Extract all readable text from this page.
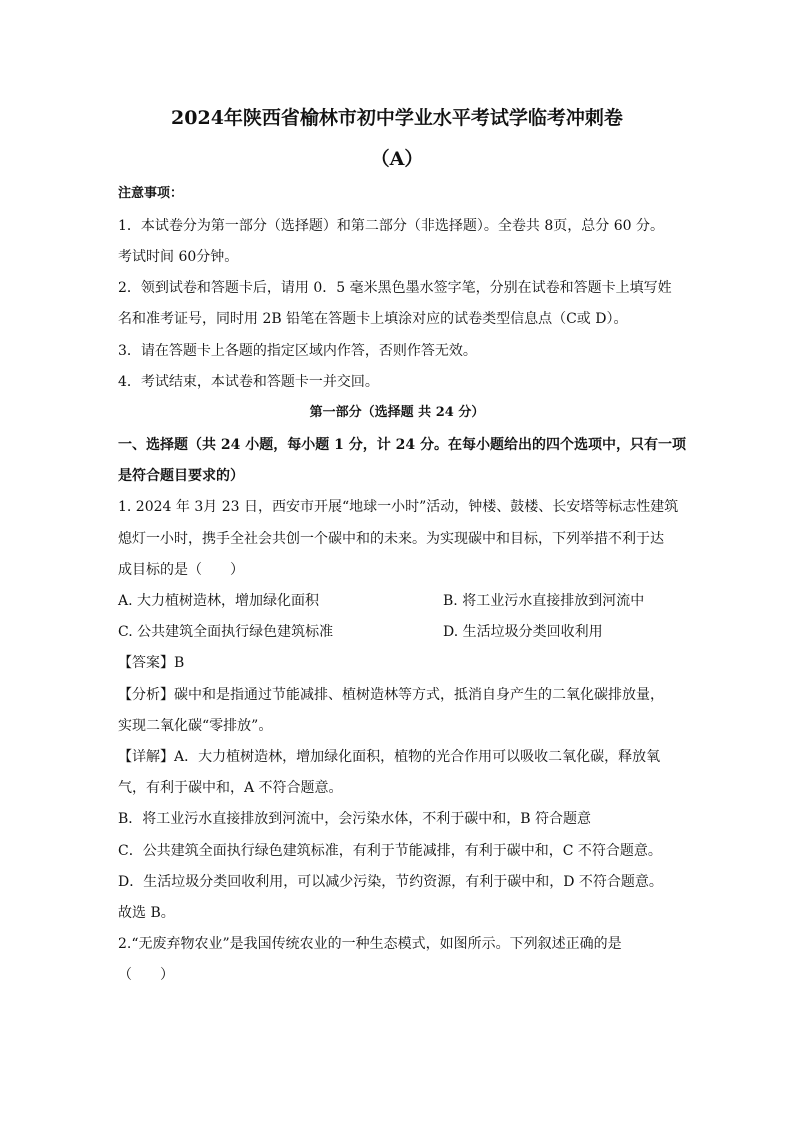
2024年陕西省榆林市初中学业水平考试学临考冲刺卷
（A）
注意事项：
1．本试卷分为第一部分（选择题）和第二部分（非选择题）。全卷共 8页，总分 60 分。
考试时间 60分钟。
2．领到试卷和答题卡后，请用 0．5 毫米黑色墨水签字笔，分别在试卷和答题卡上填写姓
名和准考证号，同时用 2B 铅笔在答题卡上填涂对应的试卷类型信息点（C或 D）。
3．请在答题卡上各题的指定区域内作答，否则作答无效。
4．考试结束，本试卷和答题卡一并交回。
第一部分（选择题 共 24 分）
一、选择题（共 24 小题，每小题 1 分，计 24 分。在每小题给出的四个选项中，只有一项
是符合题目要求的）
1. 2024 年 3月 23 日，西安市开展“地球一小时”活动，钟楼、鼓楼、长安塔等标志性建筑
熄灯一小时，携手全社会共创一个碳中和的未来。为实现碳中和目标，下列举措不利于达
成目标的是（　　）
A. 大力植树造林，增加绿化面积	B. 将工业污水直接排放到河流中
C. 公共建筑全面执行绿色建筑标准	D. 生活垃圾分类回收利用
【答案】B
【分析】碳中和是指通过节能减排、植树造林等方式，抵消自身产生的二氧化碳排放量，
实现二氧化碳“零排放”。
【详解】A．大力植树造林，增加绿化面积，植物的光合作用可以吸收二氧化碳，释放氧
气，有利于碳中和，A 不符合题意。
B．将工业污水直接排放到河流中，会污染水体，不利于碳中和，B 符合题意
C．公共建筑全面执行绿色建筑标准，有利于节能减排，有利于碳中和，C 不符合题意。
D．生活垃圾分类回收利用，可以减少污染，节约资源，有利于碳中和，D 不符合题意。
故选 B。
2.“无废弃物农业”是我国传统农业的一种生态模式，如图所示。下列叙述正确的是
（　　）
